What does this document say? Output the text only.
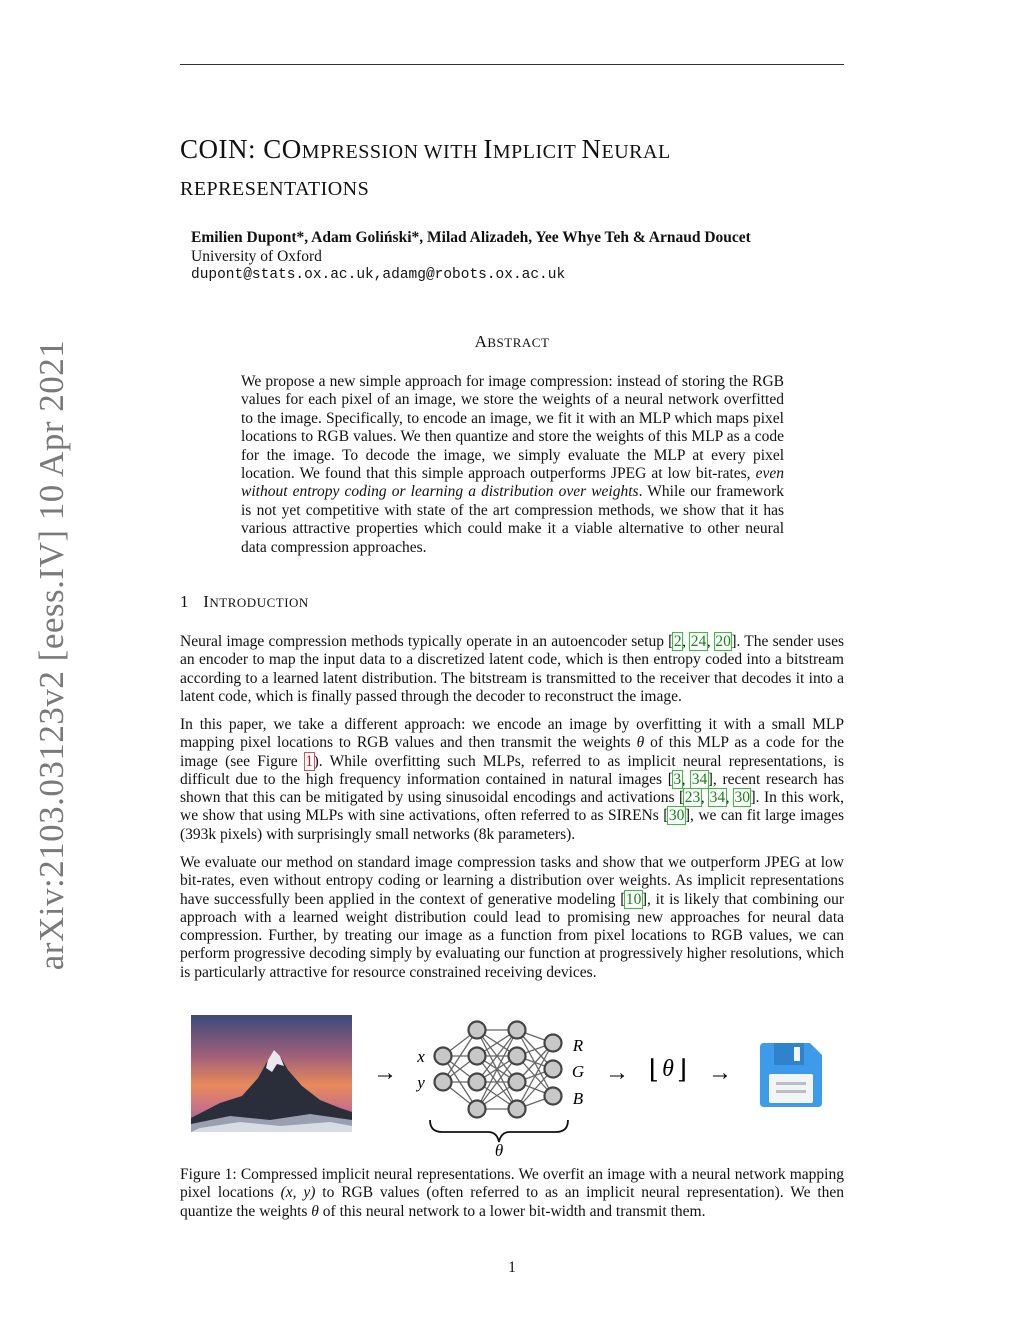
arXiv:2103.03123v2 [eess.IV] 10 Apr 2021
COIN: COMPRESSION WITH IMPLICIT NEURAL
REPRESENTATIONS
Emilien Dupont*, Adam Goliński*, Milad Alizadeh, Yee Whye Teh & Arnaud Doucet
University of Oxford
dupont@stats.ox.ac.uk,adamg@robots.ox.ac.uk
ABSTRACT
We propose a new simple approach for image compression: instead of storing the RGB values for each pixel of an image, we store the weights of a neural network overfitted to the image. Specifically, to encode an image, we fit it with an MLP which maps pixel locations to RGB values. We then quantize and store the weights of this MLP as a code for the image. To decode the image, we simply evaluate the MLP at every pixel location. We found that this simple approach outperforms JPEG at low bit-rates, even without entropy coding or learning a distribution over weights. While our framework is not yet competitive with state of the art compression methods, we show that it has various attractive properties which could make it a viable alternative to other neural data compression approaches.
1 INTRODUCTION

Neural image compression methods typically operate in an autoencoder setup [2, 24, 20]. The sender uses an encoder to map the input data to a discretized latent code, which is then entropy coded into a bitstream according to a learned latent distribution. The bitstream is transmitted to the receiver that decodes it into a latent code, which is finally passed through the decoder to reconstruct the image.

In this paper, we take a different approach: we encode an image by overfitting it with a small MLP mapping pixel locations to RGB values and then transmit the weights θ of this MLP as a code for the image (see Figure 1). While overfitting such MLPs, referred to as implicit neural representations, is difficult due to the high frequency information contained in natural images [3, 34], recent research has shown that this can be mitigated by using sinusoidal encodings and activations [23, 34, 30]. In this work, we show that using MLPs with sine activations, often referred to as SIRENs [30], we can fit large images (393k pixels) with surprisingly small networks (8k parameters).

We evaluate our method on standard image compression tasks and show that we outperform JPEG at low bit-rates, even without entropy coding or learning a distribution over weights. As implicit representations have successfully been applied in the context of generative modeling [10], it is likely that combining our approach with a learned weight distribution could lead to promising new approaches for neural data compression. Further, by treating our image as a function from pixel locations to RGB values, we can perform progressive decoding simply by evaluating our function at progressively higher resolutions, which is particularly attractive for resource constrained receiving devices.

→
x
y
R
G
B
→ ⌊ θ ⌋ →
θ
Figure 1: Compressed implicit neural representations. We overfit an image with a neural network mapping pixel locations (x, y) to RGB values (often referred to as an implicit neural representation). We then quantize the weights θ of this neural network to a lower bit-width and transmit them.
1
